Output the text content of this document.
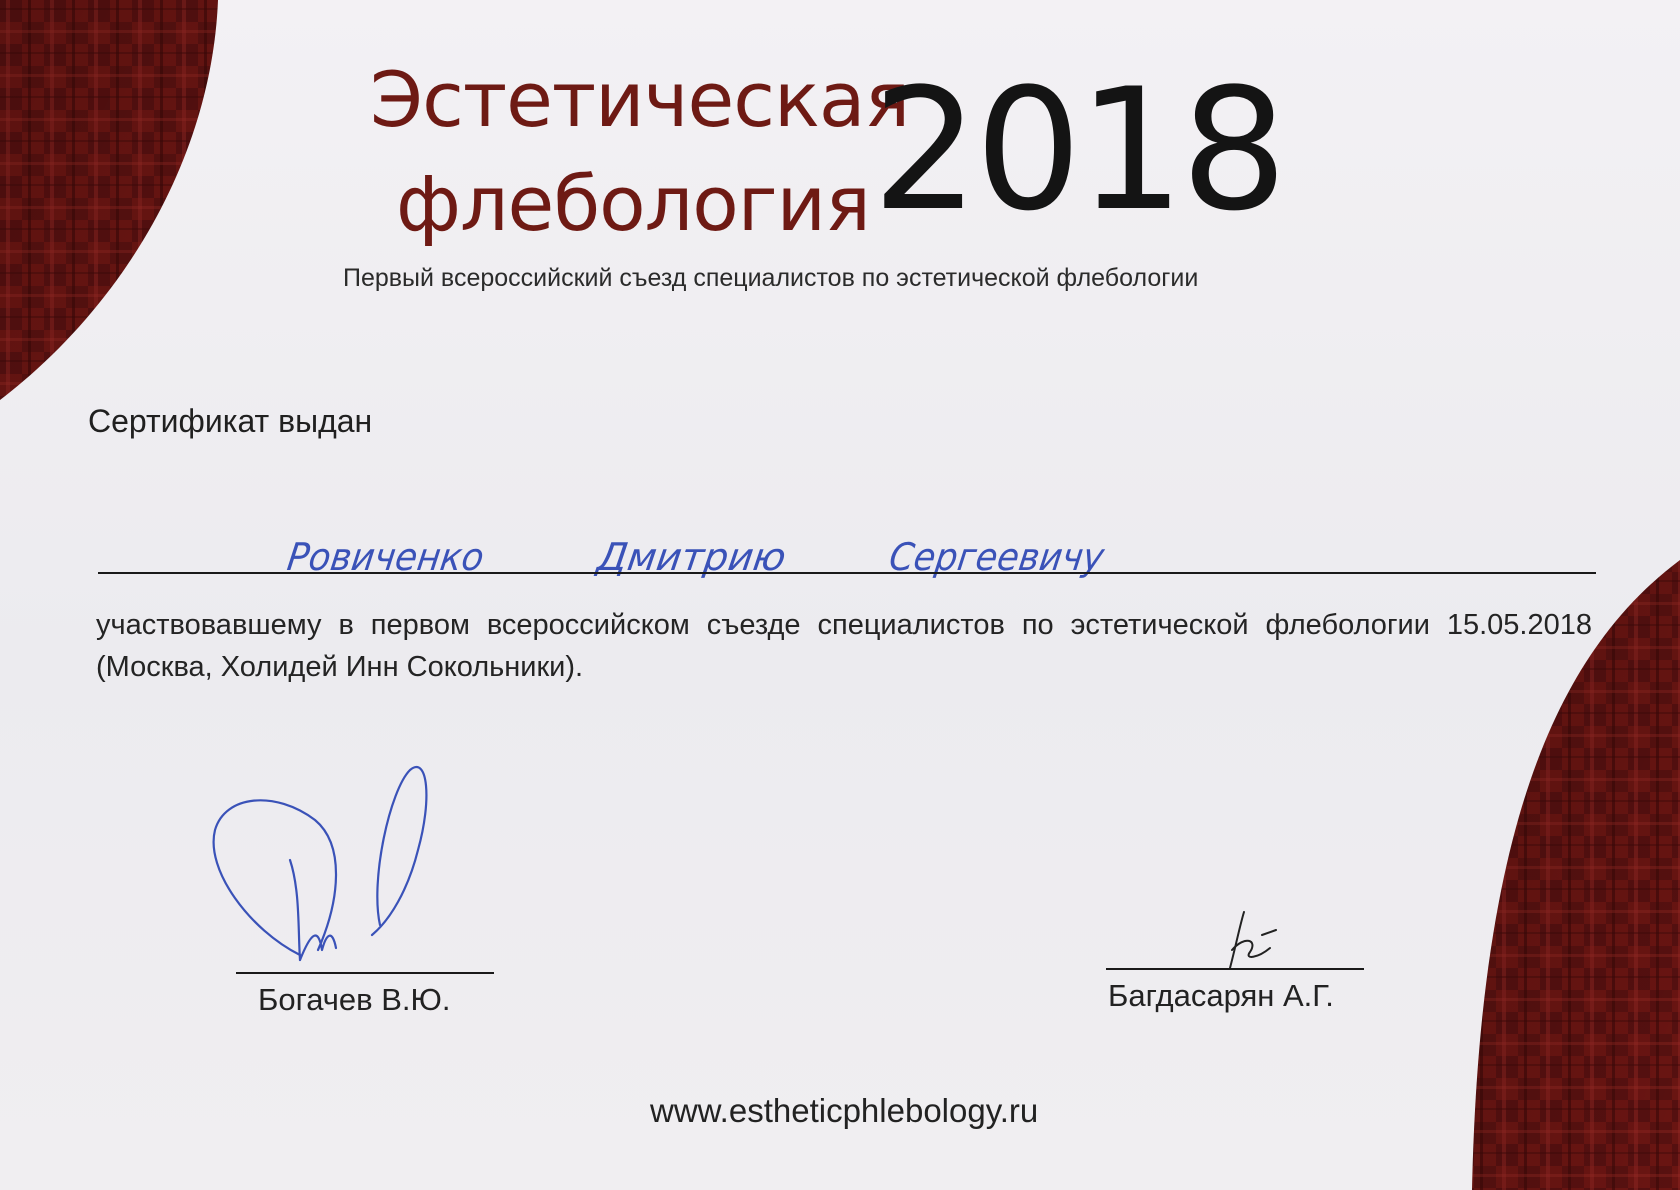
Эстетическая
флебология 2018
Первый всероссийский съезд специалистов по эстетической флебологии
Сертификат выдан
Ровиченко Дмитрию	Сергеевичу
участвовавшему в первом всероссийском съезде специалистов по эстетической флебологии 15.05.2018 (Москва, Холидей Инн Сокольники).
Богачев В.Ю.	Багдасарян А.Г.
www.estheticphlebology.ru
